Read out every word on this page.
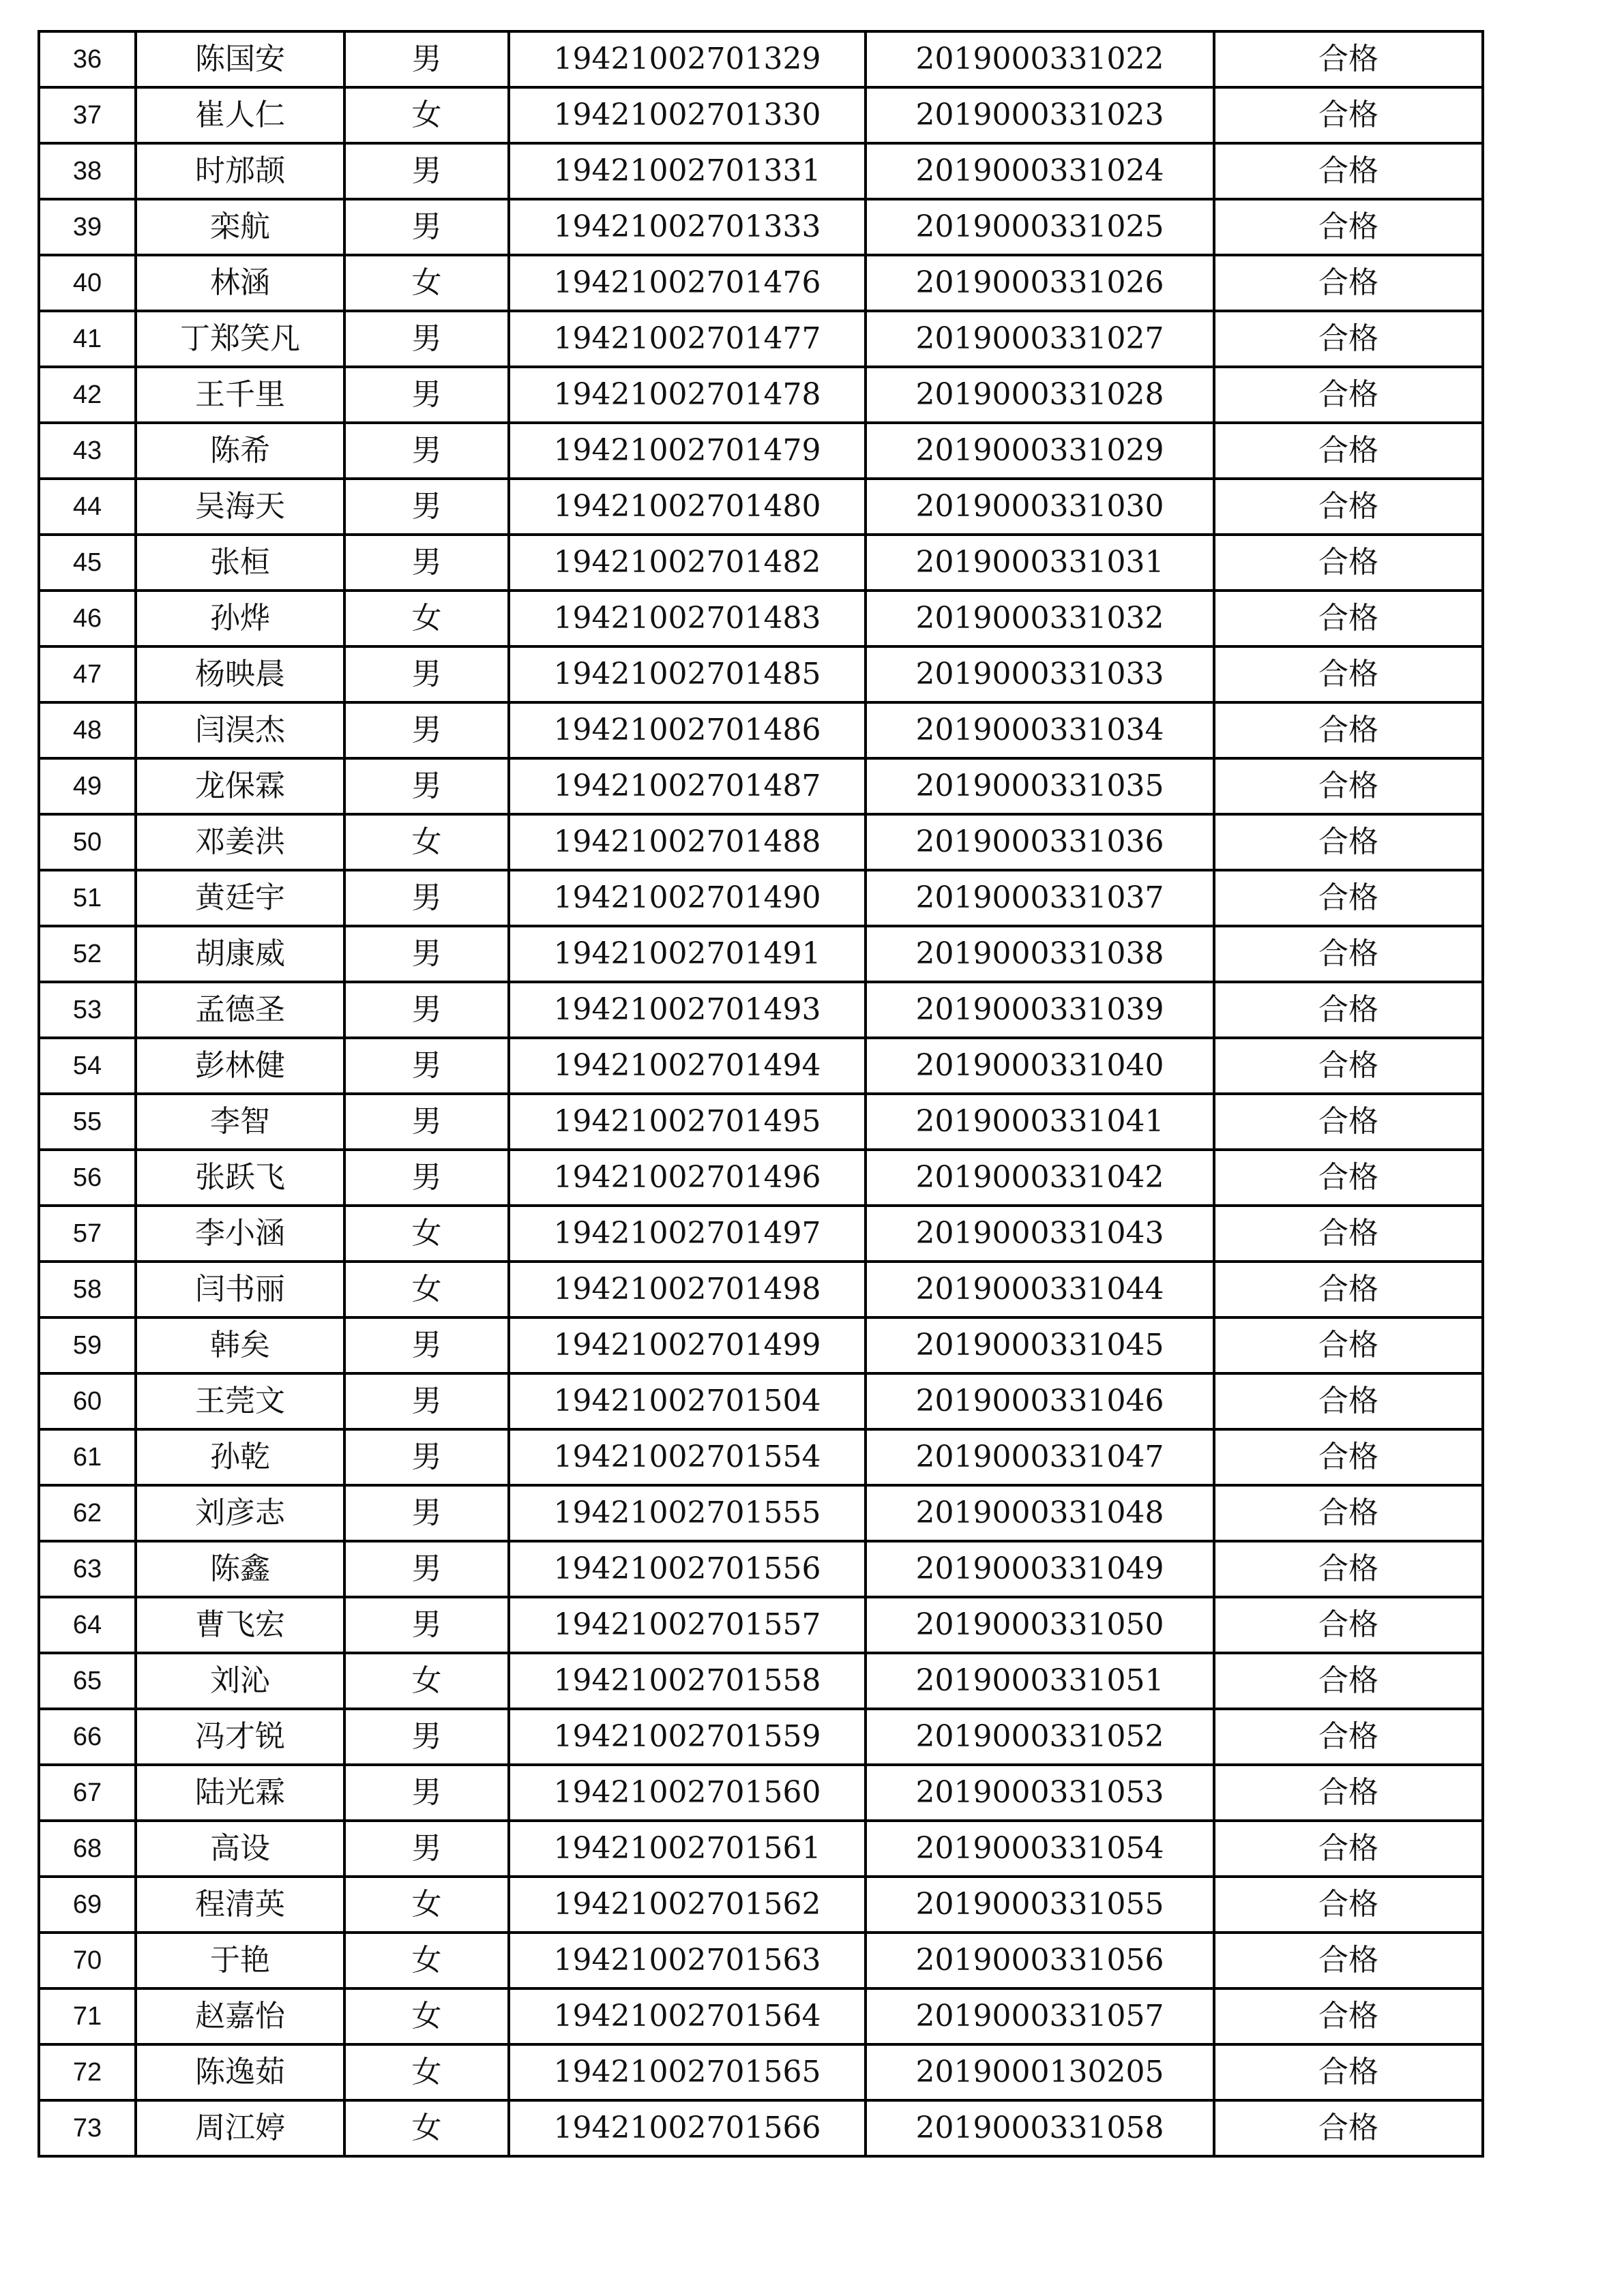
36	陈国安	男	19421002701329	2019000331022	合格
37	崔人仁	女	19421002701330	2019000331023	合格
38	时邡颉	男	19421002701331	2019000331024	合格
39	栾航	男	19421002701333	2019000331025	合格
40	林涵	女	19421002701476	2019000331026	合格
41	丁郑笑凡	男	19421002701477	2019000331027	合格
42	王千里	男	19421002701478	2019000331028	合格
43	陈希	男	19421002701479	2019000331029	合格
44	吴海天	男	19421002701480	2019000331030	合格
45	张桓	男	19421002701482	2019000331031	合格
46	孙烨	女	19421002701483	2019000331032	合格
47	杨映晨	男	19421002701485	2019000331033	合格
48	闫淏杰	男	19421002701486	2019000331034	合格
49	龙保霖	男	19421002701487	2019000331035	合格
50	邓姜洪	女	19421002701488	2019000331036	合格
51	黄廷宇	男	19421002701490	2019000331037	合格
52	胡康威	男	19421002701491	2019000331038	合格
53	孟德圣	男	19421002701493	2019000331039	合格
54	彭林健	男	19421002701494	2019000331040	合格
55	李智	男	19421002701495	2019000331041	合格
56	张跃飞	男	19421002701496	2019000331042	合格
57	李小涵	女	19421002701497	2019000331043	合格
58	闫书丽	女	19421002701498	2019000331044	合格
59	韩矣	男	19421002701499	2019000331045	合格
60	王莞文	男	19421002701504	2019000331046	合格
61	孙乾	男	19421002701554	2019000331047	合格
62	刘彦志	男	19421002701555	2019000331048	合格
63	陈鑫	男	19421002701556	2019000331049	合格
64	曹飞宏	男	19421002701557	2019000331050	合格
65	刘沁	女	19421002701558	2019000331051	合格
66	冯才锐	男	19421002701559	2019000331052	合格
67	陆光霖	男	19421002701560	2019000331053	合格
68	高设	男	19421002701561	2019000331054	合格
69	程清英	女	19421002701562	2019000331055	合格
70	于艳	女	19421002701563	2019000331056	合格
71	赵嘉怡	女	19421002701564	2019000331057	合格
72	陈逸茹	女	19421002701565	2019000130205	合格
73	周江婷	女	19421002701566	2019000331058	合格
